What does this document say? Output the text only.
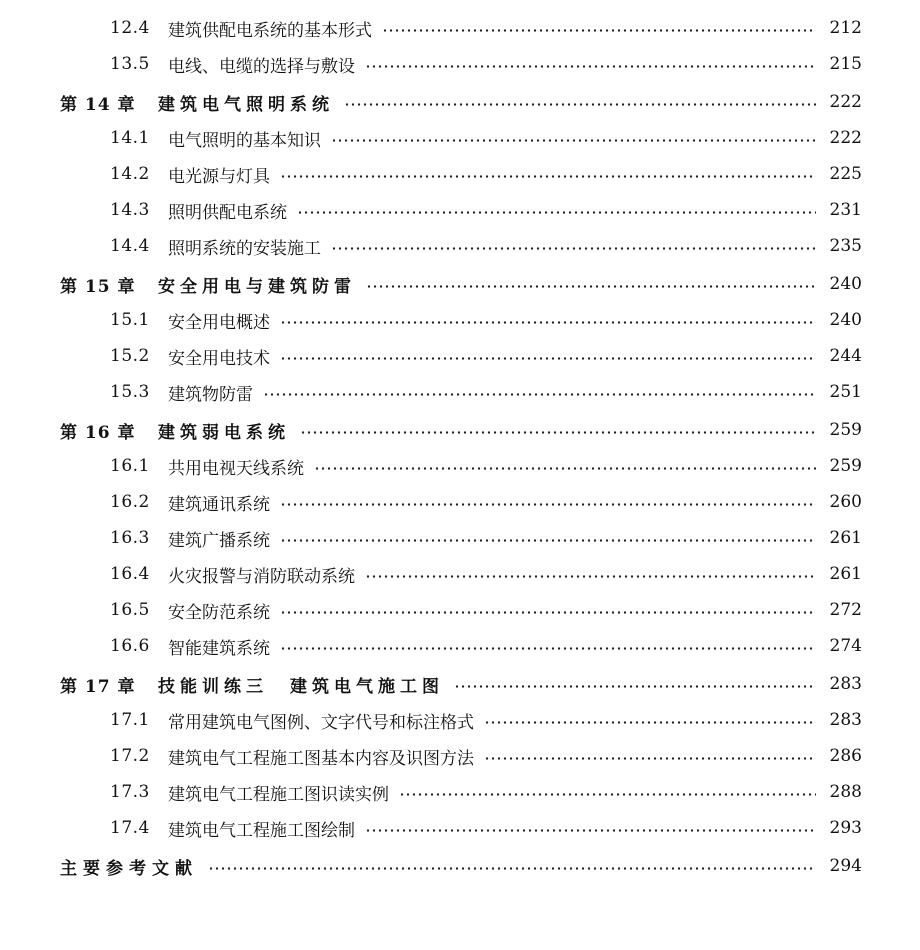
12.4	建筑供配电系统的基本形式	212
13.5	电线、电缆的选择与敷设	215
第 14 章	建筑电气照明系统	222
14.1	电气照明的基本知识	222
14.2	电光源与灯具	225
14.3	照明供配电系统	231
14.4	照明系统的安装施工	235
第 15 章	安全用电与建筑防雷	240
15.1	安全用电概述	240
15.2	安全用电技术	244
15.3	建筑物防雷	251
第 16 章	建筑弱电系统	259
16.1	共用电视天线系统	259
16.2	建筑通讯系统	260
16.3	建筑广播系统	261
16.4	火灾报警与消防联动系统	261
16.5	安全防范系统	272
16.6	智能建筑系统	274
第 17 章	技能训练三　建筑电气施工图	283
17.1	常用建筑电气图例、文字代号和标注格式	283
17.2	建筑电气工程施工图基本内容及识图方法	286
17.3	建筑电气工程施工图识读实例	288
17.4	建筑电气工程施工图绘制	293
主要参考文献	294
